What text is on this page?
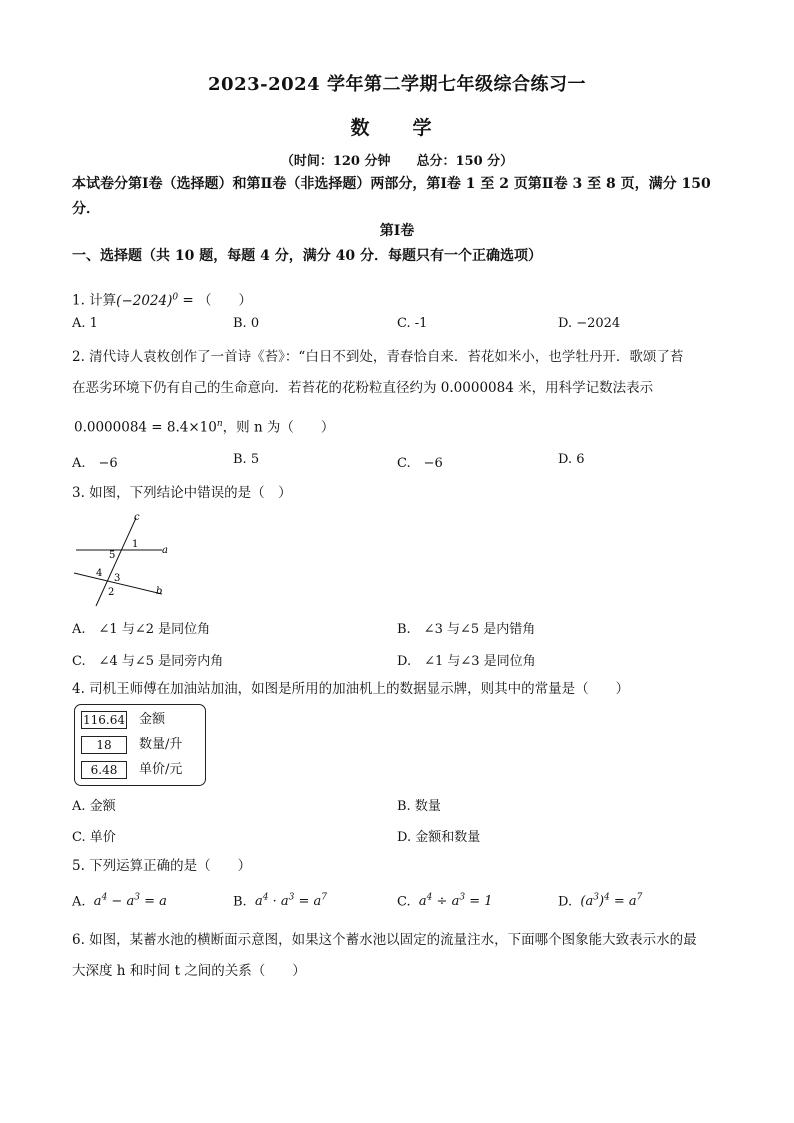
2023-2024 学年第二学期七年级综合练习一
数　学
（时间：120 分钟　　总分：150 分）
本试卷分第Ⅰ卷（选择题）和第Ⅱ卷（非选择题）两部分，第Ⅰ卷 1 至 2 页第Ⅱ卷 3 至 8 页，满分 150 分．
第Ⅰ卷
一、选择题（共 10 题，每题 4 分，满分 40 分．每题只有一个正确选项）
1. 计算$(-2024)^0$ = （　　）
A. 1	B. 0	C. -1	D. −2024
2. 清代诗人袁枚创作了一首诗《苔》：“白日不到处，青春恰自来．苔花如米小，也学牡丹开．歌颂了苔
在恶劣环境下仍有自己的生命意向．若苔花的花粉粒直径约为 0.0000084 米，用科学记数法表示
$0.0000084 = 8.4\times 10^n$，则 n 为（　　）
A.　−6	B. 5	C.　−6	D. 6
3. 如图，下列结论中错误的是（　）
c
a
b
1
5
4 3
2
A.　∠1 与∠2 是同位角	B.　∠3 与∠5 是内错角
C.　∠4 与∠5 是同旁内角	D.　∠1 与∠3 是同位角
4. 司机王师傅在加油站加油，如图是所用的加油机上的数据显示牌，则其中的常量是（　　）
116.64 金额
18	数量/升
6.48	单价/元
A. 金额	B. 数量
C. 单价	D. 金额和数量
5. 下列运算正确的是（　　）
A. $a^4 - a^3 = a$	B. $a^4 \cdot a^3 = a^7$	C. $a^4 \div a^3 = 1$	D. $(a^3)^4 = a^7$
6. 如图，某蓄水池的横断面示意图，如果这个蓄水池以固定的流量注水，下面哪个图象能大致表示水的最
大深度 h 和时间 t 之间的关系（　　）
